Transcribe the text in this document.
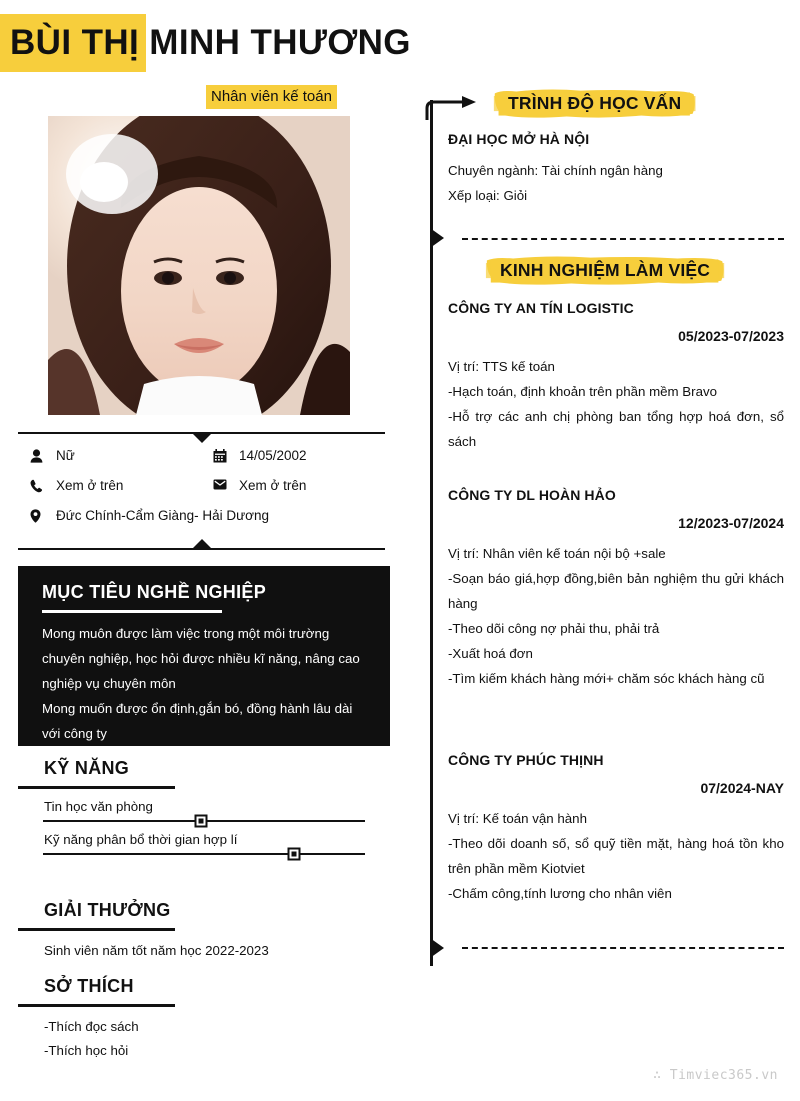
BÙI THỊ MINH THƯƠNG
Nhân viên kế toán
Nữ	14/05/2002
Xem ở trên	Xem ở trên
Đức Chính-Cẩm Giàng- Hải Dương
MỤC TIÊU NGHỀ NGHIỆP
Mong muôn được làm việc trong một môi trường chuyên nghiệp, học hỏi được nhiều kĩ năng, nâng cao nghiệp vụ chuyên môn
Mong muốn được ổn định,gắn bó, đồng hành lâu dài với công ty
KỸ NĂNG
Tin học văn phòng
Kỹ năng phân bổ thời gian hợp lí
GIẢI THƯỞNG
Sinh viên năm tốt năm học 2022-2023
SỞ THÍCH
-Thích đọc sách
-Thích học hỏi
TRÌNH ĐỘ HỌC VẤN
ĐẠI HỌC MỞ HÀ NỘI
Chuyên ngành: Tài chính ngân hàng
Xếp loại: Giỏi
KINH NGHIỆM LÀM VIỆC
CÔNG TY AN TÍN LOGISTIC
05/2023-07/2023
Vị trí: TTS kế toán
-Hạch toán, định khoản trên phần mềm Bravo
-Hỗ trợ các anh chị phòng ban tổng hợp hoá đơn, sổ sách
CÔNG TY DL HOÀN HẢO
12/2023-07/2024
Vị trí: Nhân viên kế toán nội bộ +sale
-Soạn báo giá,hợp đồng,biên bản nghiệm thu gửi khách hàng
-Theo dõi công nợ phải thu, phải trả
-Xuất hoá đơn
-Tìm kiếm khách hàng mới+ chăm sóc khách hàng cũ
CÔNG TY PHÚC THỊNH
07/2024-NAY
Vị trí: Kế toán vận hành
-Theo dõi doanh số, sổ quỹ tiền mặt, hàng hoá tồn kho trên phần mềm Kiotviet
-Chấm công,tính lương cho nhân viên
∴ Timviec365.vn
